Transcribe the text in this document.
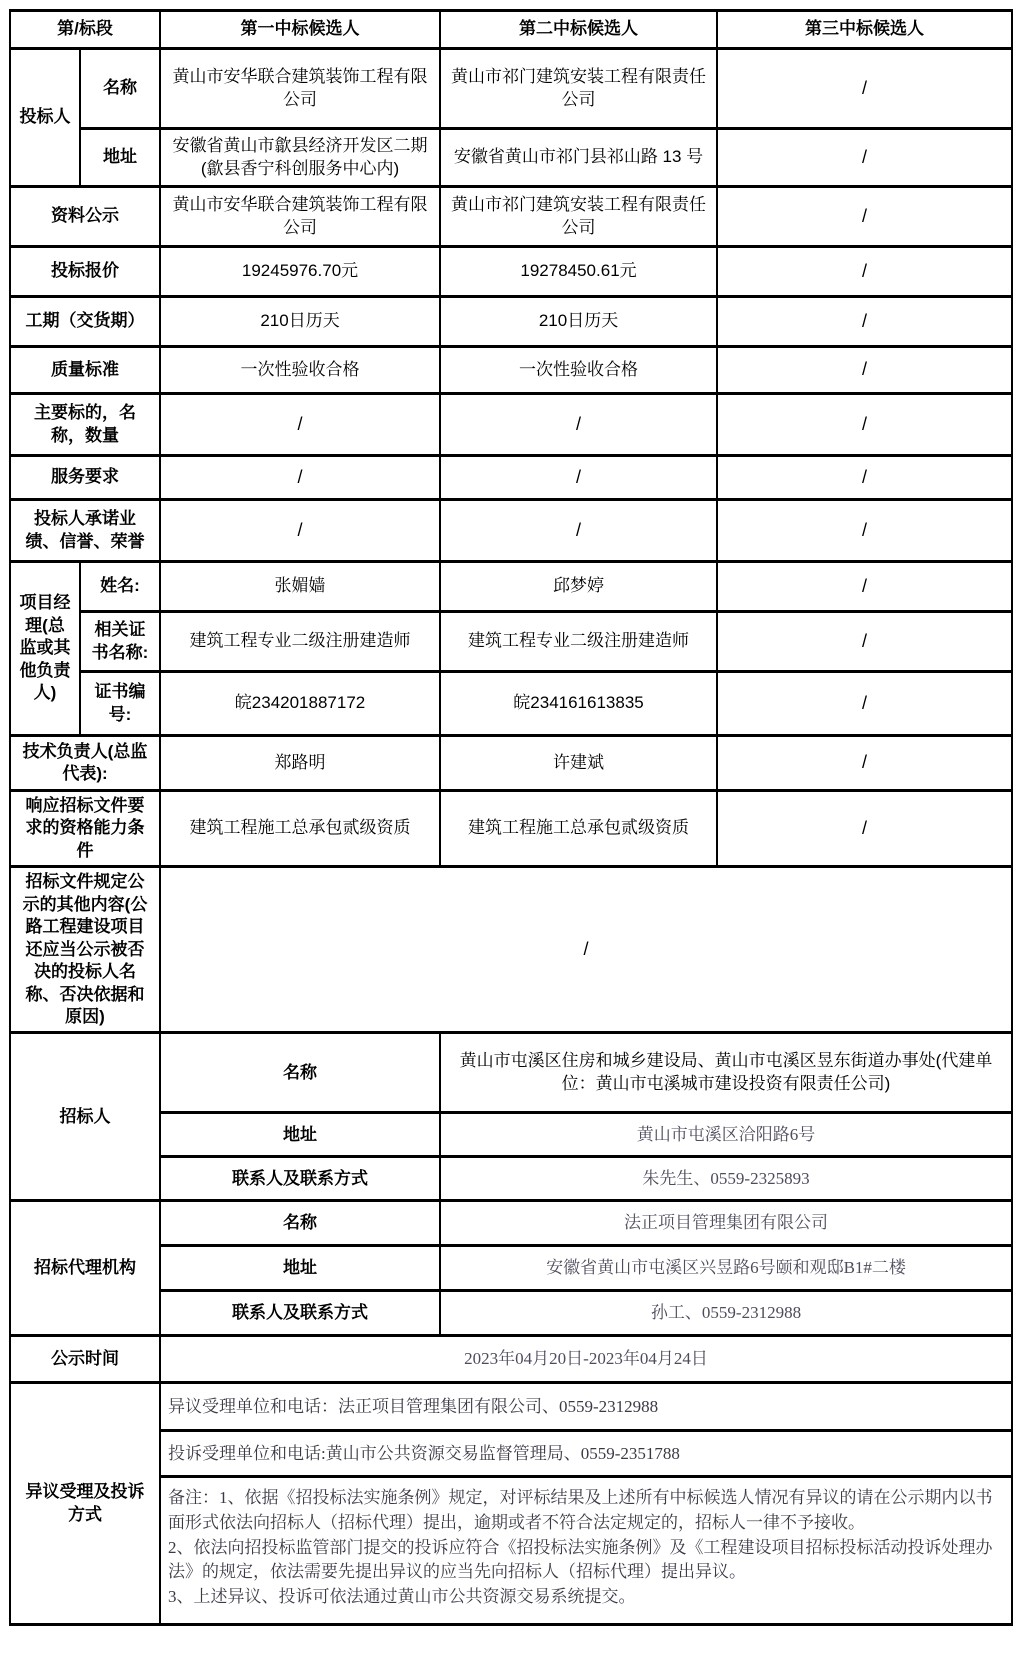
第/标段		第一中标候选人	第二中标候选人	第三中标候选人
投标人	名称	黄山市安华联合建筑装饰工程有限公司	黄山市祁门建筑安装工程有限责任公司	/
	地址	安徽省黄山市歙县经济开发区二期(歙县香宁科创服务中心内)	安徽省黄山市祁门县祁山路 13 号	/
资料公示		黄山市安华联合建筑装饰工程有限公司	黄山市祁门建筑安装工程有限责任公司	/
投标报价		19245976.70元	19278450.61元	/
工期（交货期）		210日历天	210日历天	/
质量标准		一次性验收合格	一次性验收合格	/
主要标的，名称，数量		/	/	/
服务要求		/	/	/
投标人承诺业绩、信誉、荣誉		/	/	/
项目经理(总监或其他负责人)	姓名:	张媚嫱	邱梦婷	/
	相关证书名称:	建筑工程专业二级注册建造师	建筑工程专业二级注册建造师	/
	证书编号:	皖234201887172	皖234161613835	/
技术负责人(总监代表):		郑路明	许建斌	/
响应招标文件要求的资格能力条件		建筑工程施工总承包贰级资质	建筑工程施工总承包贰级资质	/
招标文件规定公示的其他内容(公路工程建设项目还应当公示被否决的投标人名称、否决依据和原因)		/		
招标人		名称	黄山市屯溪区住房和城乡建设局、黄山市屯溪区昱东街道办事处(代建单位：黄山市屯溪城市建设投资有限责任公司)	
		地址	黄山市屯溪区洽阳路6号	
		联系人及联系方式	朱先生、0559-2325893	
招标代理机构		名称	法正项目管理集团有限公司	
		地址	安徽省黄山市屯溪区兴昱路6号颐和观邸B1#二楼	
		联系人及联系方式	孙工、0559-2312988	
公示时间		2023年04月20日-2023年04月24日		
异议受理及投诉方式		异议受理单位和电话：法正项目管理集团有限公司、0559-2312988		
		投诉受理单位和电话:黄山市公共资源交易监督管理局、0559-2351788		

		备注：1、依据《招投标法实施条例》规定，对评标结果及上述所有中标候选人情况有异议的请在公示期内以书面形式依法向招标人（招标代理）提出，逾期或者不符合法定规定的，招标人一律不予接收。
2、依法向招投标监管部门提交的投诉应符合《招投标法实施条例》及《工程建设项目招标投标活动投诉处理办法》的规定，依法需要先提出异议的应当先向招标人（招标代理）提出异议。
3、上述异议、投诉可依法通过黄山市公共资源交易系统提交。		
